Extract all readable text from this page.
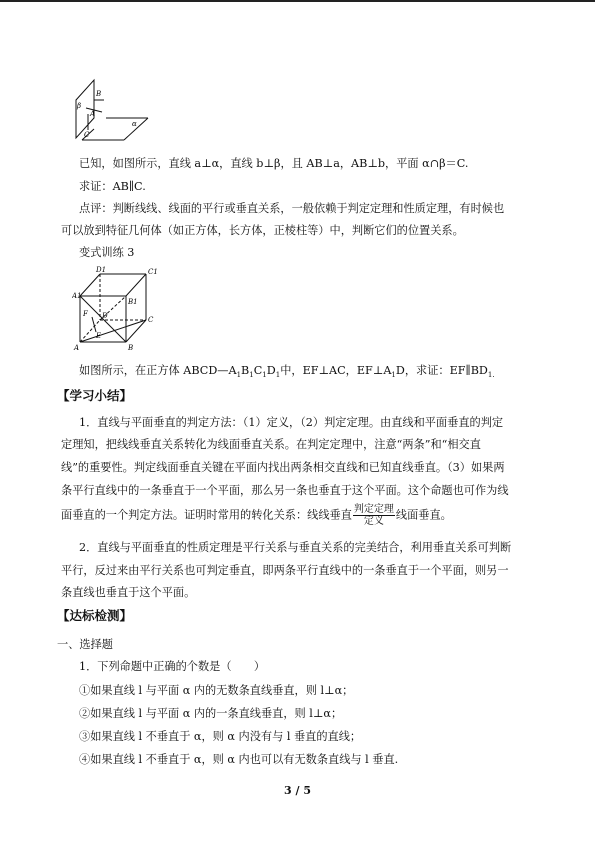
β
B
A
C
α
已知，如图所示，直线 a⊥α，直线 b⊥β，且 AB⊥a，AB⊥b，平面 α∩β＝C.
求证：AB∥C.
点评：判断线线、线面的平行或垂直关系，一般依赖于判定定理和性质定理，有时候也
可以放到特征几何体（如正方体，长方体，正棱柱等）中，判断它们的位置关系。
变式训练 3
D1	C1
A1
B1
F D	C
A
E
B
如图所示，在正方体 $ABCD—A_1B_1C_1D_1$中，EF⊥AC，$EF\perp A_1D$，求证：$EF\parallel BD_{1.}$
【学习小结】
1．直线与平面垂直的判定方法：（1）定义，（2）判定定理。由直线和平面垂直的判定
定理知，把线线垂直关系转化为线面垂直关系。在判定定理中，注意“两条”和“相交直
线”的重要性。判定线面垂直关键在平面内找出两条相交直线和已知直线垂直。（3）如果两
条平行直线中的一条垂直于一个平面，那么另一条也垂直于这个平面。这个命题也可作为线
面垂直的一个判定方法。证明时常用的转化关系：线线垂直 $\frac{\text{判定定理}}{\text{定义}}$ 线面垂直。
2．直线与平面垂直的性质定理是平行关系与垂直关系的完美结合，利用垂直关系可判断
平行，反过来由平行关系也可判定垂直，即两条平行直线中的一条垂直于一个平面，则另一
条直线也垂直于这个平面。
【达标检测】
一、选择题
1．下列命题中正确的个数是（　　）
①如果直线 l 与平面 α 内的无数条直线垂直，则 l⊥α；
②如果直线 l 与平面 α 内的一条直线垂直，则 l⊥α；
③如果直线 l 不垂直于 α，则 α 内没有与 l 垂直的直线；
④如果直线 l 不垂直于 α，则 α 内也可以有无数条直线与 l 垂直.
3 / 5
